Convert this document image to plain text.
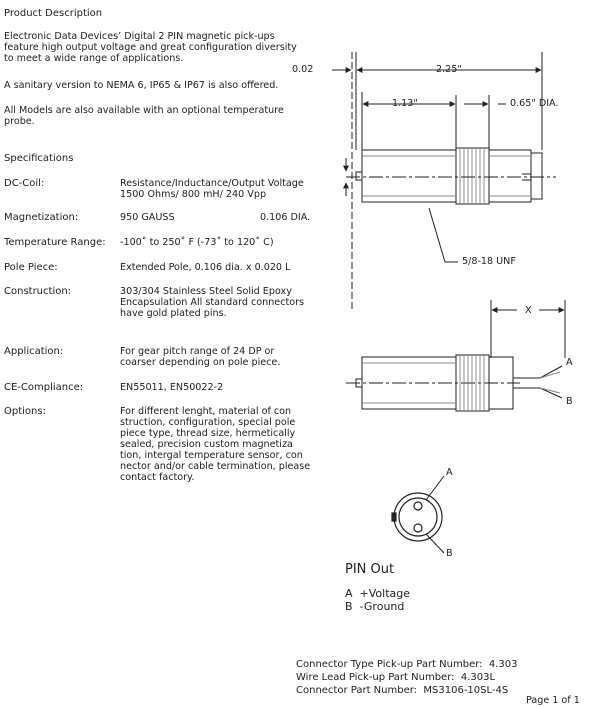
Product Description
Electronic Data Devices’ Digital 2 PIN magnetic pick-ups feature high output voltage and great configuration diversity to meet a wide range of applications.
A sanitary version to NEMA 6, IP65 & IP67 is also offered.
All Models are also available with an optional temperature probe.
Specifications
DC-Coil:	Resistance/Inductance/Output Voltage 1500 Ohms/ 800 mH/ 240 Vpp
Magnetization:	950 GAUSS
Temperature Range: -100˚ to 250˚ F (-73˚ to 120˚ C)
Pole Piece:	Extended Pole, 0.106 dia. x 0.020 L
Construction:	303/304 Stainless Steel Solid Epoxy Encapsulation All standard connectors have gold plated pins.
Application:	For gear pitch range of 24 DP or coarser depending on pole piece.
CE-Compliance:	EN55011, EN50022-2
Options:	For different lenght, material of con struction, configuration, special pole piece type, thread size, hermetically sealed, precision custom magnetiza tion, intergal temperature sensor, con nector and/or cable termination, please contact factory.
0.02	2.25"
1.13"	0.65" DIA.
0.106 DIA.
5/8-18 UNF
X
A
B
A
B
PIN Out
A  +Voltage
B  -Ground
Connector Type Pick-up Part Number:  4.303
Wire Lead Pick-up Part Number:  4.303L
Connector Part Number:  MS3106-10SL-4S
Page 1 of 1
